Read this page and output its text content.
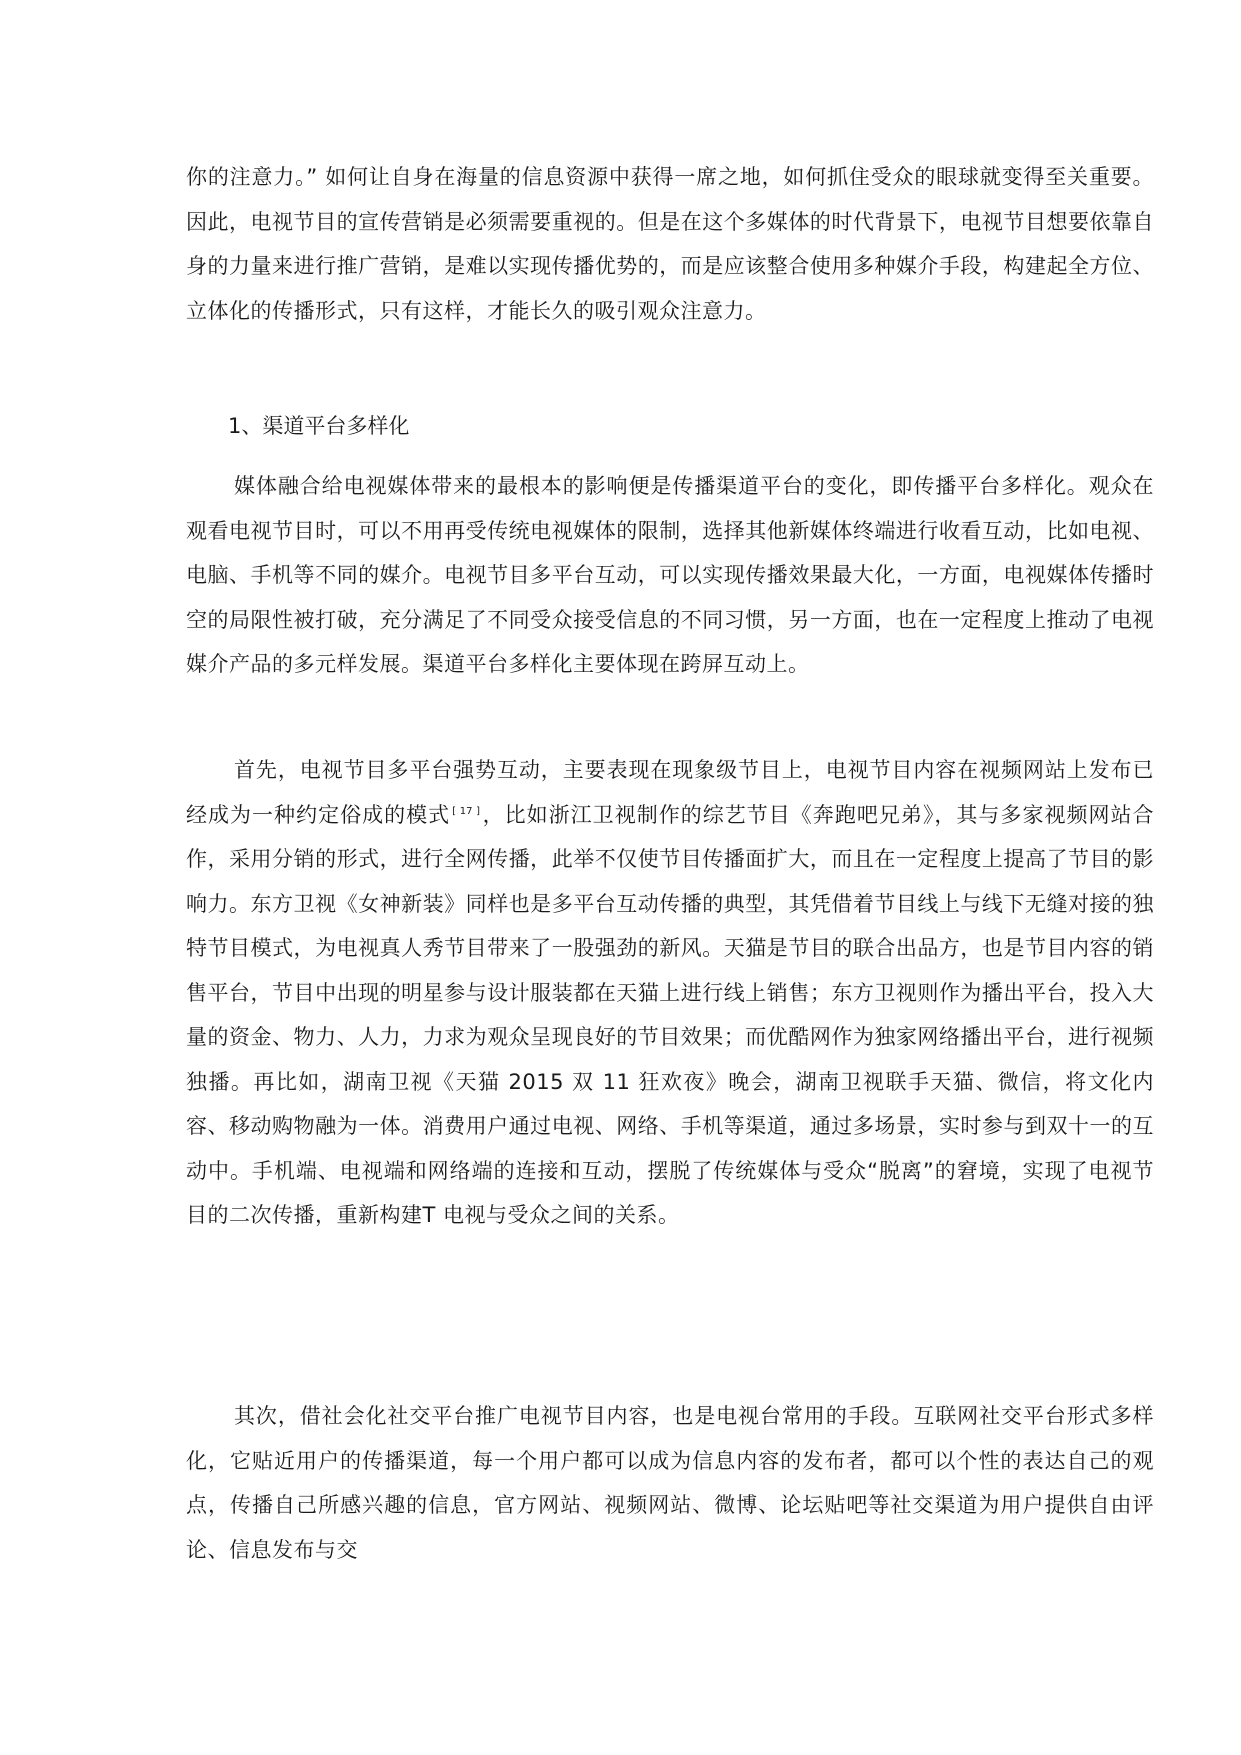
你的注意力。” 如何让自身在海量的信息资源中获得一席之地，如何抓住受众的眼球就变得至关重要。因此，电视节目的宣传营销是必须需要重视的。但是在这个多媒体的时代背景下，电视节目想要依靠自身的力量来进行推广营销，是难以实现传播优势的，而是应该整合使用多种媒介手段，构建起全方位、立体化的传播形式，只有这样，才能长久的吸引观众注意力。

1、渠道平台多样化

媒体融合给电视媒体带来的最根本的影响便是传播渠道平台的变化，即传播平台多样化。观众在观看电视节目时，可以不用再受传统电视媒体的限制，选择其他新媒体终端进行收看互动，比如电视、电脑、手机等不同的媒介。电视节目多平台互动，可以实现传播效果最大化，一方面，电视媒体传播时空的局限性被打破，充分满足了不同受众接受信息的不同习惯，另一方面，也在一定程度上推动了电视媒介产品的多元样发展。渠道平台多样化主要体现在跨屏互动上。

首先，电视节目多平台强势互动，主要表现在现象级节目上，电视节目内容在视频网站上发布已经成为一种约定俗成的模式 [ 17 ]，比如浙江卫视制作的综艺节目《奔跑吧兄弟》，其与多家视频网站合作，采用分销的形式，进行全网传播，此举不仅使节目传播面扩大，而且在一定程度上提高了节目的影响力。东方卫视《女神新装》同样也是多平台互动传播的典型，其凭借着节目线上与线下无缝对接的独特节目模式，为电视真人秀节目带来了一股强劲的新风。天猫是节目的联合出品方，也是节目内容的销售平台，节目中出现的明星参与设计服装都在天猫上进行线上销售；东方卫视则作为播出平台，投入大量的资金、物力、人力，力求为观众呈现良好的节目效果；而优酷网作为独家网络播出平台，进行视频独播。再比如，湖南卫视《天猫 2015 双 11 狂欢夜》晚会，湖南卫视联手天猫、微信，将文化内容、移动购物融为一体。消费用户通过电视、网络、手机等渠道，通过多场景，实时参与到双十一的互动中。手机端、电视端和网络端的连接和互动，摆脱了传统媒体与受众“脱离”的窘境，实现了电视节目的二次传播，重新构建T 电视与受众之间的关系。

其次，借社会化社交平台推广电视节目内容，也是电视台常用的手段。互联网社交平台形式多样化，它贴近用户的传播渠道，每一个用户都可以成为信息内容的发布者，都可以个性的表达自己的观点，传播自己所感兴趣的信息，官方网站、视频网站、微博、论坛贴吧等社交渠道为用户提供自由评论、信息发布与交
